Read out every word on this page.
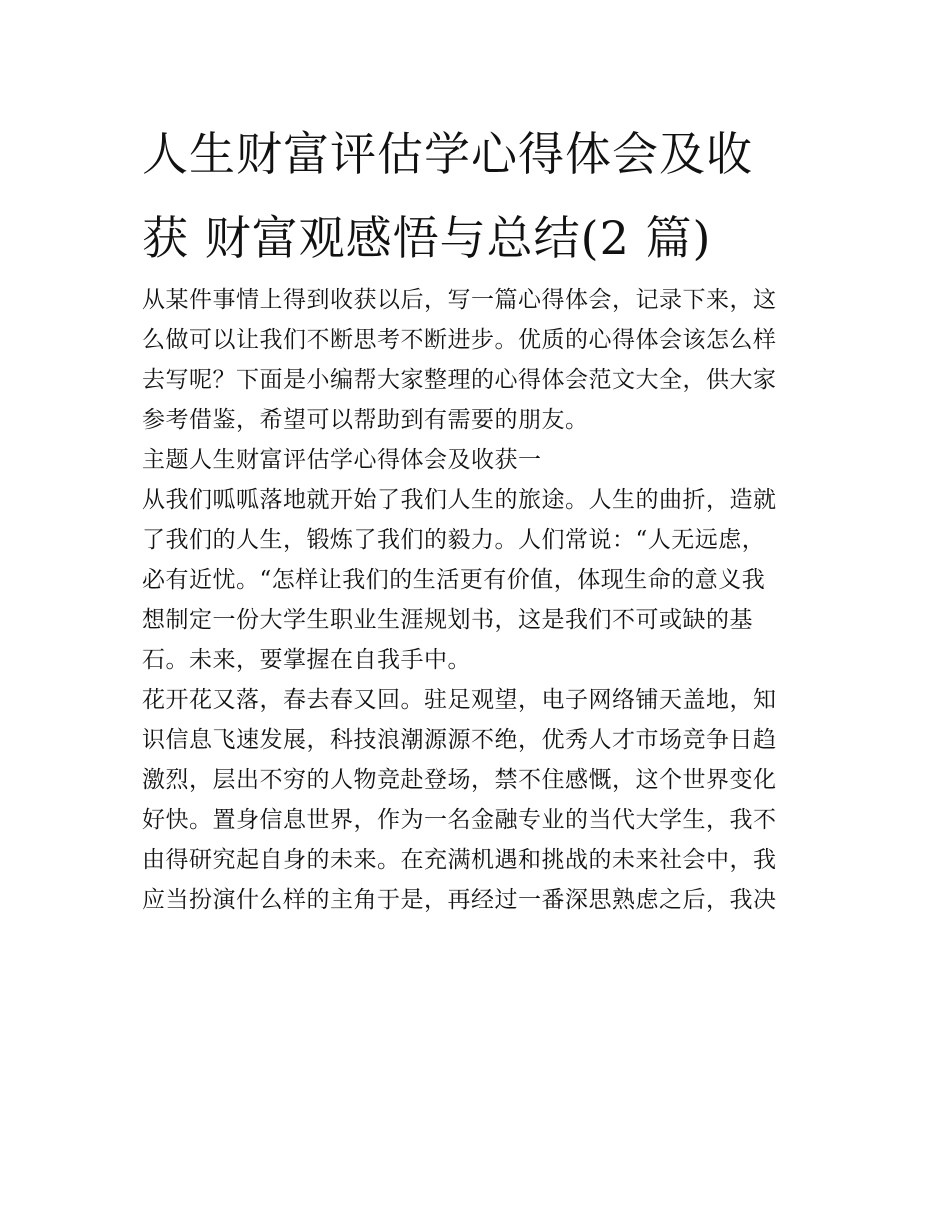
人生财富评估学心得体会及收
获 财富观感悟与总结(2 篇)
从某件事情上得到收获以后，写一篇心得体会，记录下来，这
么做可以让我们不断思考不断进步。优质的心得体会该怎么样
去写呢？下面是小编帮大家整理的心得体会范文大全，供大家
参考借鉴，希望可以帮助到有需要的朋友。
主题人生财富评估学心得体会及收获一
从我们呱呱落地就开始了我们人生的旅途。人生的曲折，造就
了我们的人生，锻炼了我们的毅力。人们常说：“人无远虑，
必有近忧。“怎样让我们的生活更有价值，体现生命的意义我
想制定一份大学生职业生涯规划书，这是我们不可或缺的基
石。未来，要掌握在自我手中。
花开花又落，春去春又回。驻足观望，电子网络铺天盖地，知
识信息飞速发展，科技浪潮源源不绝，优秀人才市场竞争日趋
激烈，层出不穷的人物竞赴登场，禁不住感慨，这个世界变化
好快。置身信息世界，作为一名金融专业的当代大学生，我不
由得研究起自身的未来。在充满机遇和挑战的未来社会中，我
应当扮演什么样的主角于是，再经过一番深思熟虑之后，我决
